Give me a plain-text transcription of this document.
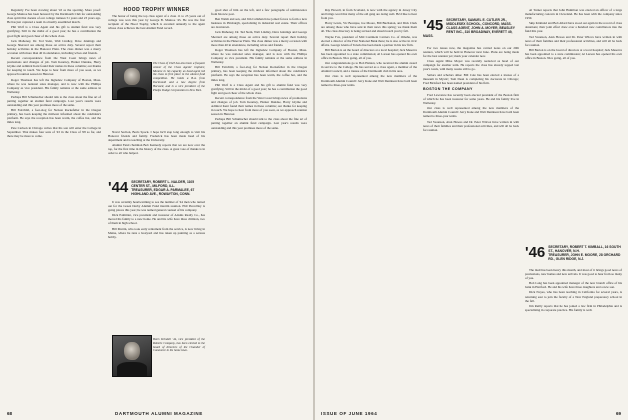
Regularly I've been crowing about '43 as the sporting. More proof: George Munroe has been honored by the Dartmouth Club for outstanding class spirit that dozens of our college trainees 51 years and 23 years ago. He has just captured a team in a hastily assembled match.

Phil Wolf is a Class Agent and his gift to alumni fund was very gratifying. Still in the midst of a good year; he has a contribution the good fight and good cheer of the whole class.

Jack Mahoney, Dr. Ted Stein, Walt Lindley, Dave Jennings and George Sherrard are among those on active duty. Several report their holiday activities in the Hanover Plain. The class dinner was a merry occasion with more than 40 in attendance, including wives and friends.

Recent correspondence from the West Coast brings news of promotions and changes of job. Tom Kearney, Harker Dundee, Harry Glyme and Admiral Kent found their names in these columns; our thanks for keeping in touch. We hope to hear from more of you soon, as we approach reunion season in Hanover.

Roger Thomson has left the Ingledew Company of Boston, Mass. where he was national sales manager, and is now with the Phillips Company as vice president. His family remains at the same address in Wellesley.

Perhaps Bill Schumacher should talk to the class about the fine art of putting together an alumni fund campaign. Last year's results were outstanding and this year promises more of the same.

Bill Fairchild, a foot-slog for Nelson Rockefeller in the Oregon primary, has been keeping the midwest informed about the candidate's platform. He says the reception has been warm, the coffee hot, and the miles long.

Pete Carlson in Chicago writes that his son will enter the College in September. That makes four sons of '43 in the Class of '68 so far, and there may be more to come.

HOOD TROPHY WINNER

The honor of being the top class agent of a class 11 to 25 years out of college was won this year by George B. Munroe '43. He was the first recipient of the Hood Trophy, which is awarded annually to the agent whose class achieves the best Alumni Fund record.

The Class of 1943 has also been a frequent winner of the Class Agents' trophies; Munroe in his capacity as head agent led the class to first place in the alumni fund competition. He holds a B.A. from Dartmouth and a law degree from Harvard, and is a vice president of the Phelps Dodge Corporation in New York.

Naval Section, Boris Spock. I hope he'll stop long enough to visit his Hanover friends and family. Frederick has been made head of his department and is teaching at the University.

Alumni Fund chairman Bob Kennedy reports that we are now over the top, for the first time in the history of the class. A great vote of thanks is in order to all who helped.

'44 SECRETARY, ROBERT L. NALDER, 1105 CENTER ST., MILFORD, ILL.
TREASURER, EDGAR A. PARMALEE, 67 HIGHLAND AVE., ROWAYTON, CONN.

It was certainly heartwarming to see the number of '44 men who turned out for the Green Derby Alumni Fund interim reunion. Phil Purcellley is going places this year; he was named general counsel of his company.

Dick Palmitier, vice president and treasurer of Adams Realty Co., has moved his family to a new home. He and his wife have three children, two of them in high school.

Bill Martin, who took early retirement from the service, is now living in Maine, where he runs a boatyard and has taken up painting as a serious hobby.

Boris Krinkell '44, vice president of the Roberts Company, has been elected to the board of directors of the Chamber of Commerce in his home town.

good shot of him on the left, and a few paragraphs of reminiscence from his new post.

Ben Walsh and son, and Jim Callahan have joined forces to form a new business in Pittsburgh, specializing in industrial real estate. Their offices are downtown.

Jack Mahoney, Dr. Ted Stein, Walt Lindley, Dave Jennings and George Sherrard are among those on active duty. Several report their holiday activities in the Hanover Plain. The class dinner was a merry occasion with more than 40 in attendance, including wives and friends.

Roger Thomson has left the Ingledew Company of Boston, Mass. where he was national sales manager, and is now with the Phillips Company as vice president. His family remains at the same address in Wellesley.

Bill Fairchild, a foot-slog for Nelson Rockefeller in the Oregon primary, has been keeping the midwest informed about the candidate's platform. He says the reception has been warm, the coffee hot, and the miles long.

Phil Wolf is a Class Agent and his gift to alumni fund was very gratifying. Still in the midst of a good year; he has a contribution the good fight and good cheer of the whole class.

Recent correspondence from the West Coast brings news of promotions and changes of job. Tom Kearney, Harker Dundee, Harry Glyme and Admiral Kent found their names in these columns; our thanks for keeping in touch. We hope to hear from more of you soon, as we approach reunion season in Hanover.

Perhaps Bill Schumacher should talk to the class about the fine art of putting together an alumni fund campaign. Last year's results were outstanding and this year promises more of the same.

68	DARTMOUTH ALUMNI MAGAZINE

Ray Howell, in from Scotland, is now with the agency in Jersey City and brings word that many of the old gang are doing well. He'd like to hear from you.

Harry Lewis, Vic Bourque, Joe Moore, Bill Buchanan, and Dick Clark are among those who have sent in their news this spring; we thank them all. The class directory is being revised and should reach you by fall.

Wayne Fox, president of Mid Continent Carriers Co. of Omaha, was elected a director of the First National Bank there; he is also active in civic affairs. George Glenn of Toledo has been made a partner in his law firm.

Bill Barton is on the board of directors at a local hospital; Jack Meserve has been appointed to a state commission; Al Larson has opened his own office in Boston. Nice going, all of you.

Our congratulations go to Bob Hanlon, who received the alumni award in service to the College. He has served as a class agent, a member of the Alumni Council, and a trustee of the Dartmouth club in his area.

Our class is well represented among the new members of the Dartmouth Alumni Council: Jerry Kane and Walt Dennison have both been named to three-year terms.

'45 SECRETARY, SAMUEL E. CUTLER JR., MIDDLESEX SCHOOL, CONCORD, MASS.
CLASS AGENT, JOHN A. MOYER, BEASLEY RENT INC., 310 BROADWAY, EVERETT 49, MASS.

For two issues now, the magazine has carried notes on our 20th reunion, which will be held in Hanover next June. Plans are being made for the best reunion yet; mark your calendar now.

Class Agent Mike Moyer was recently reelected as head of our campaign for another term. He reports the class has already topped last year's totals, with many weeks still to go.

Sailors and scholars alike: Bill Cole has been elected a trustee of a museum in Mystic; Tom Dean is completing his doctorate in Chicago; Fred Bickford has been named president of his firm.

BOSTON THE COMPANY

Fred Lawrence has recently been elected president of the Boston firm of which he has been treasurer for some years. He and his family live in Wellesley.

Our class is well represented among the new members of the Dartmouth Alumni Council: Jerry Kane and Walt Dennison have both been named to three-year terms.

Ted Swanson, Alan Howes and Dr. Peter Wilcox have written in with news of their families and their professional activities, and will all be back for reunion.

Al Turner reports that John Hamilton was elected an officer of a large manufacturing concern in Cleveland. He has been with the company since 1950.

Skip Kirkland and Bob Allard have stood out again in the record of class donations; their joint effort drew over a hundred new contributors into the fund this year.

Ted Swanson, Alan Howes and Dr. Peter Wilcox have written in with news of their families and their professional activities, and will all be back for reunion.

Bill Barton is on the board of directors at a local hospital; Jack Meserve has been appointed to a state commission; Al Larson has opened his own office in Boston. Nice going, all of you.

'46 SECRETARY, ROBERT T. KIMBALL, 16 SOUTH ST., HANOVER, N.H.
TREASURER, JOHN E. MOORE, 28 ORCHARD RD., GLEN RIDGE, N.J.

The mail has been heavy this month, and most of it brings good news of promotions, new homes and new arrivals. It was good to hear from so many of you.

Bob Lang has been appointed manager of the new branch office of his bank in Hartford. He and his wife have three daughters and a new son.

Dick Noyes, who has been teaching in California for several years, is returning east to join the faculty of a New England preparatory school in the fall.

Jim Reilly reports that he has joined a law firm in Philadelphia and is specializing in corporate practice. His family is well.

ISSUE OF JUNE 1964	69
